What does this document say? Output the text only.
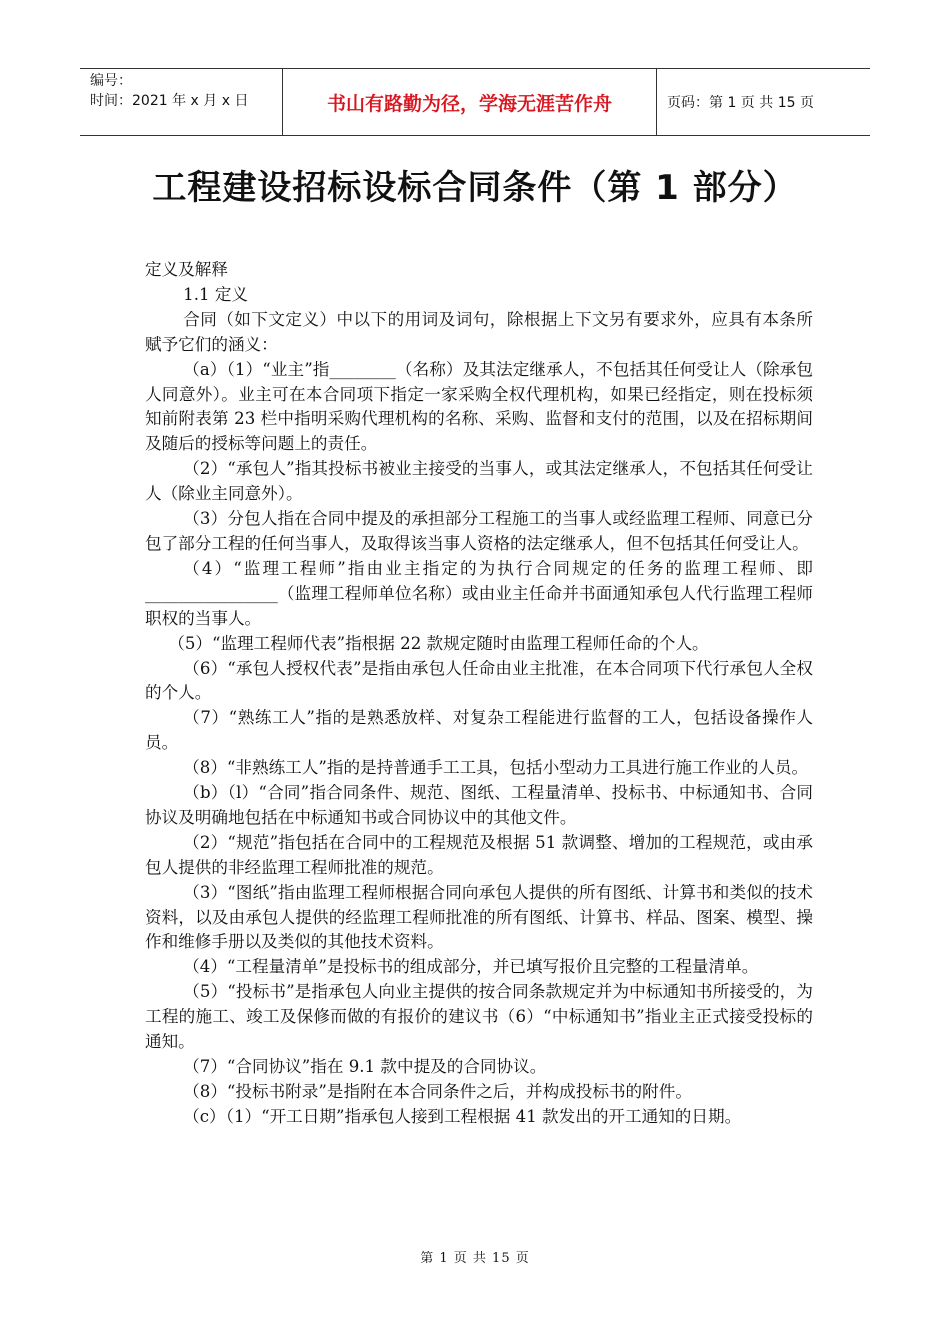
编号：
时间：2021 年 x 月 x 日	书山有路勤为径，学海无涯苦作舟	页码：第 1 页 共 15 页
工程建设招标设标合同条件（第 1 部分）

定义及解释

1.1 定义

合同（如下文定义）中以下的用词及词句，除根据上下文另有要求外，应具有本条所赋予它们的涵义：

（a）（1）“业主”指________（名称）及其法定继承人，不包括其任何受让人（除承包人同意外）。业主可在本合同项下指定一家采购全权代理机构，如果已经指定，则在投标须知前附表第 23 栏中指明采购代理机构的名称、采购、监督和支付的范围，以及在招标期间及随后的授标等问题上的责任。

（2）“承包人”指其投标书被业主接受的当事人，或其法定继承人，不包括其任何受让人（除业主同意外）。

（3）分包人指在合同中提及的承担部分工程施工的当事人或经监理工程师、同意已分包了部分工程的任何当事人，及取得该当事人资格的法定继承人，但不包括其任何受让人。

（4）“监理工程师”指由业主指定的为执行合同规定的任务的监理工程师、即________________（监理工程师单位名称）或由业主任命并书面通知承包人代行监理工程师职权的当事人。

（5）“监理工程师代表”指根据 22 款规定随时由监理工程师任命的个人。

（6）“承包人授权代表”是指由承包人任命由业主批准，在本合同项下代行承包人全权的个人。

（7）“熟练工人”指的是熟悉放样、对复杂工程能进行监督的工人，包括设备操作人员。

（8）“非熟练工人”指的是持普通手工工具，包括小型动力工具进行施工作业的人员。

（b）（l）“合同”指合同条件、规范、图纸、工程量清单、投标书、中标通知书、合同协议及明确地包括在中标通知书或合同协议中的其他文件。

（2）“规范”指包括在合同中的工程规范及根据 51 款调整、增加的工程规范，或由承包人提供的非经监理工程师批准的规范。

（3）“图纸”指由监理工程师根据合同向承包人提供的所有图纸、计算书和类似的技术资料，以及由承包人提供的经监理工程师批准的所有图纸、计算书、样品、图案、模型、操作和维修手册以及类似的其他技术资料。

（4）“工程量清单”是投标书的组成部分，并已填写报价且完整的工程量清单。

（5）“投标书”是指承包人向业主提供的按合同条款规定并为中标通知书所接受的，为工程的施工、竣工及保修而做的有报价的建议书（6）“中标通知书”指业主正式接受投标的通知。

（7）“合同协议”指在 9.1 款中提及的合同协议。

（8）“投标书附录”是指附在本合同条件之后，并构成投标书的附件。

（c）（1）“开工日期”指承包人接到工程根据 41 款发出的开工通知的日期。

第 1 页 共 15 页
